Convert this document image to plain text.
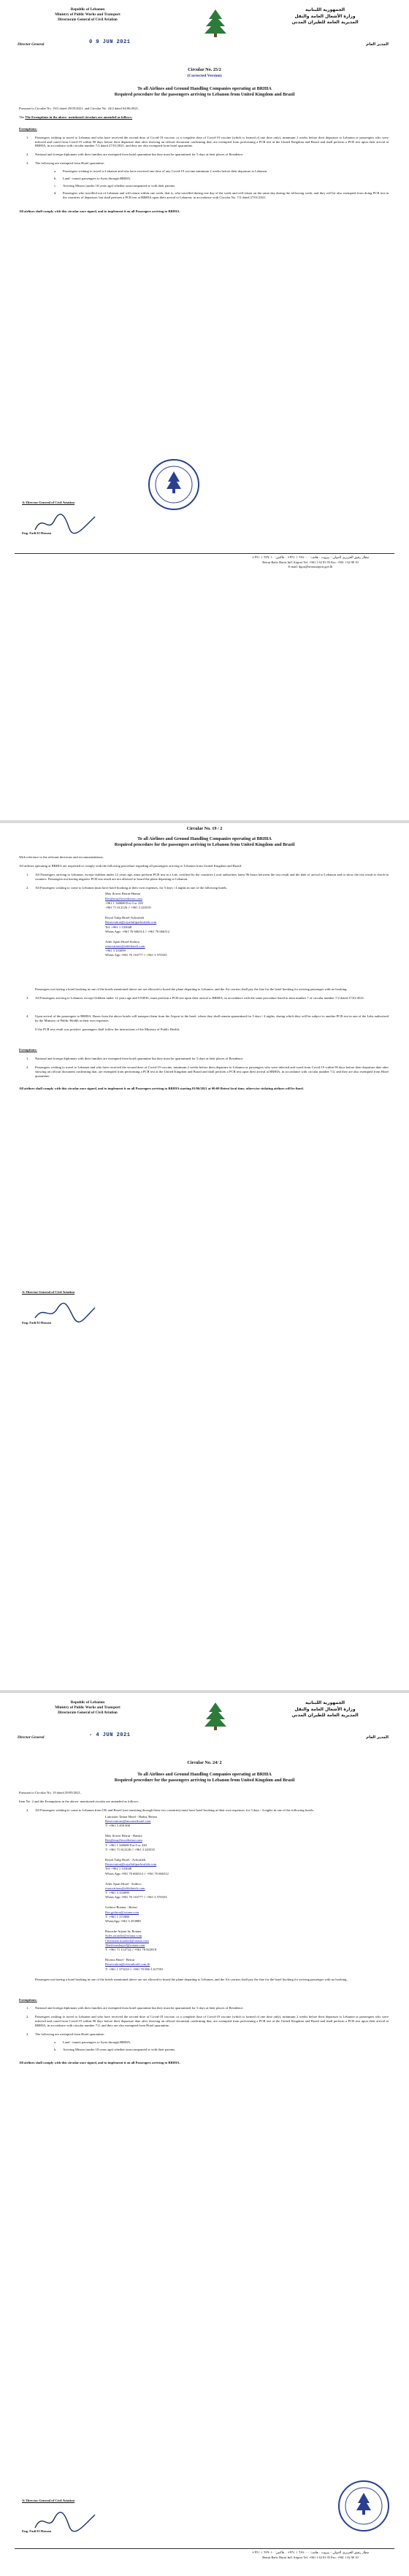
Republic of Lebanon
Ministry of Public Works and Transport
Directorate General of Civil Aviation
الجمهورية اللبنانية
وزارة الأشغال العامة والنقل
المديرية العامة للطيران المدني
Director General	0 9 JUN 2021	المدير العام
Circular No. 25/2
(Corrected Version)
To all Airlines and Ground Handling Companies operating at BRHIA
Required procedure for the passengers arriving to Lebanon from United Kingdom and Brazil

Pursuant to Circular No. 19/2 dated 29/05/2021, and Circular No. 24/2 dated 04/06/2021,

The The Exemptions in the above- mentioned circulars are amended as follows:

Exemptions:

1. Passengers wishing to travel to Lebanon and who have received the second dose of Covid-19 vaccine, or a complete dose of Covid-19 vaccine (which is formed of one dose only), minimum 2 weeks before their departure to Lebanon or passengers who were infected and cured from Covid-19 within 90 days before their departure date after showing an official document confirming that, are exempted from performing a PCR test at the United Kingdom and Brazil and shall perform a PCR test upon their arrival at BRHIA, in accordance with circular number 7/2 dated 27/01/2021, and they are also exempted from hotel quarantine.
2. National and foreign diplomats with their families are exempted from hotel quarantine but they must be quarantined for 5 days at their places of Residence.
3. The following are exempted from Hotel quarantine:
a. Passengers wishing to travel to Lebanon and who have received one dose of any Covid-19 vaccine minimum 2 weeks before their departure to Lebanon.
b. Land - transit passengers to Syria through BRHIA.
c. Arriving Minors (under 18 years age) whether unaccompanied or with their parents.
d. Passengers who travelled out of Lebanon and will return within one week, that is, who travelled during one day of the week and will return on the same day during the following week, and they will be also exempted from doing PCR test in the countries of departure, but shall perform a PCR test at BRHIA upon their arrival to Lebanon, in accordance with Circular No. 7/2 dated 27/01/2021.

All airlines shall comply with this circular once signed, and to implement it on all Passengers arriving to BRHIA.

A/ Director General of Civil Aviation
Eng. Fadi El Hassan
مطار رفيق الحريري الدولي - بيروت . هاتف: ٦٢٨٠٠٠ ١ ٩٦١+ . فاكس: ٦٢٩٠١٠ ١ ٩٦١+
Beirut Rafic Hariri Int'l Airport Tel: +961 1 62 81 95 Fax: +961 1 62 90 10
E-mail: dgca@beirutairport.gov.lb
Circular No. 19 / 2
To all Airlines and Ground Handling Companies operating at BRHIA
Required procedure for the passengers arriving to Lebanon from United Kingdom and Brazil

With reference to the relevant decisions and recommendations,

All airlines operating at BRHIA are requested to comply with the following procedure regarding all passengers arriving to Lebanon from United Kingdom and Brazil:

1. All Passengers arriving to Lebanon, except children under 12 years age, must perform PCR test in a Lab. certified by the countries Local authorities latest 96 hours between the test result and the date of arrival to Lebanon and to show the test result at check-in counters. Passengers not having negative PCR test result are not allowed to board the plane departing to Lebanon.
2. All Passengers wishing to come to Lebanon must have hotel booking at their own expenses, for 5 days / 4 nights in one of the following hotels.
May flower Beirut-Hamra
Res@mayflowerbeirut.com
+961 1 340680 Ext 0 or 220
+961 71 612126 // +961 3 243535
Royal Tulip Hotel-Achrafieh
Reservation@royaltulipachrafieh.com
Tel: +961 1 333048
Whats App: +961 76 666314 // +961 76 666312
Alife Apart Hotel-Sodeco
reservations@alifehotels.com
+961 3 333099
Whats App +961 76 116777 // +961 3 570333
Passengers not having a hotel booking in one of the hotels mentioned above are not allowed to board the plane departing to Lebanon, and the Air carriers shall pay the fine for the hotel booking for arriving passenger with no booking.
3. All Passengers arriving to Lebanon, except Children under 12 years age and UNIFIL, must perform a PCR test upon their arrival to BRHIA, in accordance with the same procedure listed in item number 7 of circular number 7/2 dated 27/01/2021.
4. Upon arrival of the passengers to BRHIA, Buses from the above hotels will transport them from the Airport to the hotel, where they shall remain quarantined for 5 days / 4 nights, during which they will be subject to another PCR test in one of the Labs authorized by the Ministry of Public Health at their own expenses.
If the PCR test result was positive, passengers shall follow the instructions of the Ministry of Public Health.

Exemptions:

1. National and foreign diplomats with their families are exempted from hotel quarantine but they must be quarantined for 5 days at their places of Residence.
2. Passengers wishing to travel to Lebanon and who have received the second dose of Covid-19 vaccine, minimum 2 weeks before their departure to Lebanon or passengers who were infected and cured from Covid-19 within 90 days before their departure date after showing an official document confirming that, are exempted from performing a PCR test at the United Kingdom and Brazil and shall perform a PCR test upon their arrival at BRHIA, in accordance with circular number 7/2, and they are also exempted from Hotel quarantine.

All airlines shall comply with this circular once signed, and to implement it on all Passengers arriving to BRHIA starting 01/06/2021 at 00:00 Beirut local time, otherwise violating airlines will be fined.

A/ Director General of Civil Aviation
Eng. Fadi El Hassan
Republic of Lebanon
Ministry of Public Works and Transport
Directorate General of Civil Aviation
الجمهورية اللبنانية
وزارة الأشغال العامة والنقل
المديرية العامة للطيران المدني
Director General	- 4 JUN 2021	المدير العام
Circular No. 24/ 2
To all Airlines and Ground Handling Companies operating at BRHIA
Required procedure for the passengers arriving to Lebanon from United Kingdom and Brazil

Pursuant to Circular No. 19 dated 29/05/2021,

Item No. 2 and the Exemptions in the above- mentioned circular are amended as follows:

2. All Passengers wishing to come to Lebanon from UK and Brazil (not transiting through these two countries) must have hotel booking at their own expenses, for 5 days / 4 nights in one of the following hotels:
Lancaster Tamar Hotel - Hadui, Beirut
Reservations@lancasterhotel.com
T: +961 5 458 000
May flower Beirut - Hamra
Res@mayflowerbeirut.com
T: +961 1 340680 Ext 0 or 220
T: +961 71 612126 // +961 3 243535
Royal Tulip Hotel - Achrafieh
Reservation@royaltulipachrafieh.com
Tel: +961 1 333048
Whats App +961 76 666314 // +961 76 666312
Alife Apart Hotel - Sodeco
reservations@alifehotels.com
T: +961 3 333099
Whats App +961 76 116777 // +961 3 570333
Gefinor Rotana - Beirut
Res.gefinor@rotana.com
T: +961 1 371888
WhatsApp +961 3 253988
Raouche Arjaan by Rotana
Sales.raouche@rotana.com
Christiane.maalouf@rotana.com
Abed.mushayed@rotana.com
T: +961 71 114734 // +961 78 822818
Riviera Hotel - Beirut
Reservation@rivierahotel.com.lb
T: +961 1 373210 // +961 70 096 3 617591
Passengers not having a hotel booking in one of the hotels mentioned above are not allowed to board the plane departing to Lebanon, and the Air carriers shall pay the fine for the hotel booking for arriving passenger with no booking.

Exemptions:

1. National and foreign diplomats with their families are exempted from hotel quarantine but they must be quarantined for 5 days at their places of Residence.
2. Passengers wishing to travel to Lebanon and who have received the second dose of Covid-19 vaccine, or a complete dose of Covid-19 vaccine (which is formed of one dose only), minimum 2 weeks before their departure to Lebanon or passengers who were infected and cured from Covid-19 within 90 days before their departure date after showing an official document confirming that, are exempted from performing a PCR test at the United Kingdom and Brazil and shall perform a PCR test upon their arrival at BRHIA, in accordance with circular number 7/2, and they are also exempted from Hotel quarantine.
3. The following are exempted from Hotel quarantine:
a. Land - transit passengers to Syria through BRHIA.
b. Arriving Minors (under 18 years age) whether unaccompanied or with their parents.

All airlines shall comply with this circular once signed, and to implement it on all Passengers arriving to BRHIA.

A/ Director General of Civil Aviation
Eng. Fadi El Hassan
مطار رفيق الحريري الدولي - بيروت . هاتف: ٦٢٨٠٠٠ ١ ٩٦١+ . فاكس: ٦٢٩٠١٠ ١ ٩٦١+
Beirut Rafic Hariri Int'l Airport Tel: +961 1 62 81 95 Fax: +961 1 62 90 10
